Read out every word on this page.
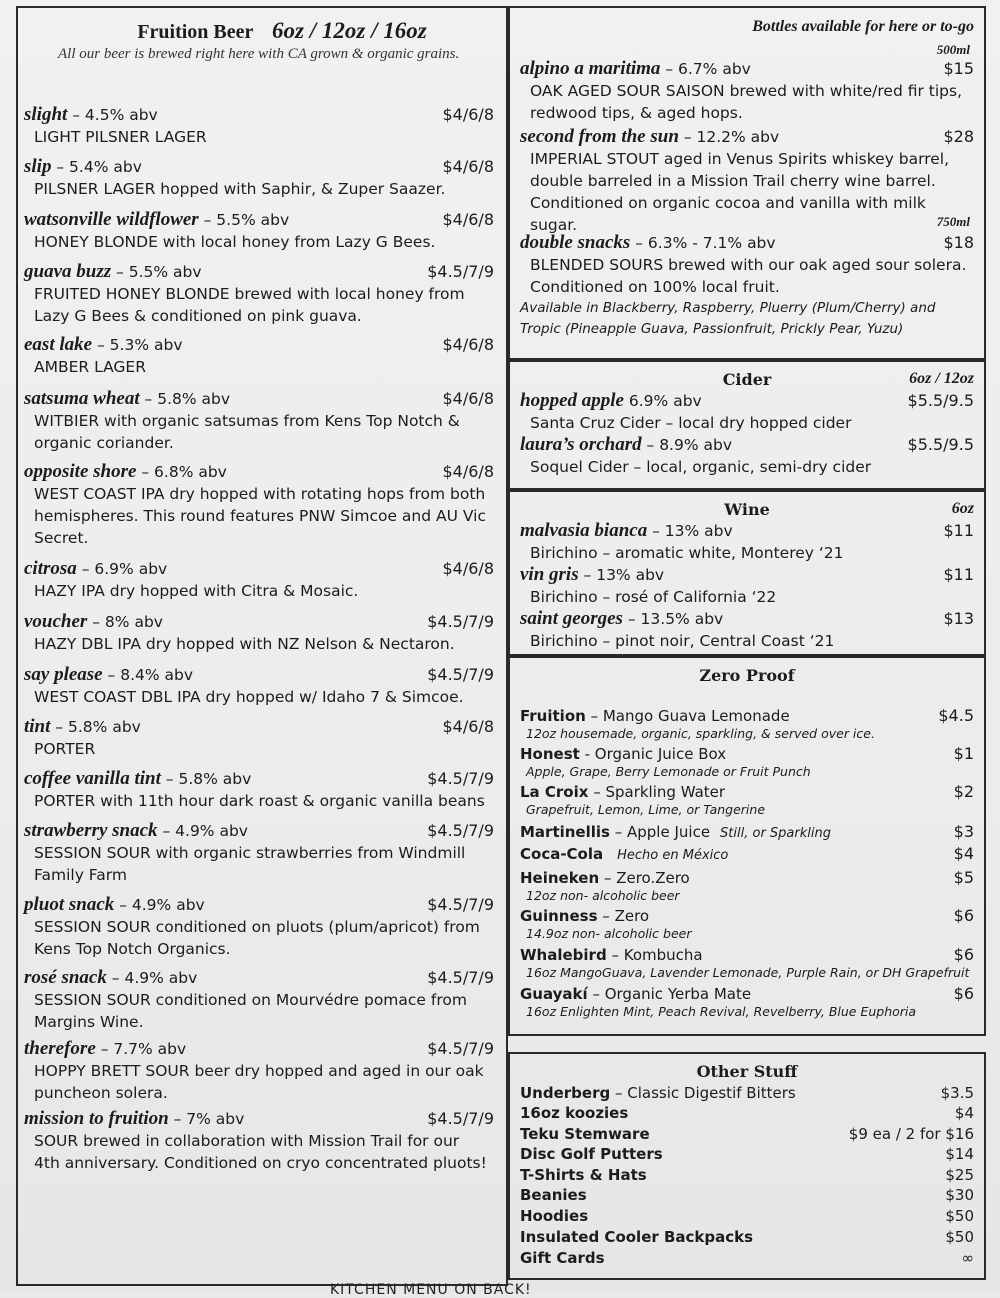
Fruition Beer 6oz / 12oz / 16oz
All our beer is brewed right here with CA grown & organic grains.
slight – 4.5% abv	$4/6/8
LIGHT PILSNER LAGER
slip – 5.4% abv	$4/6/8
PILSNER LAGER hopped with Saphir, & Zuper Saazer.
watsonville wildflower – 5.5% abv	$4/6/8
HONEY BLONDE with local honey from Lazy G Bees.
guava buzz – 5.5% abv	$4.5/7/9
FRUITED HONEY BLONDE brewed with local honey from Lazy G Bees & conditioned on pink guava.
east lake – 5.3% abv	$4/6/8
AMBER LAGER
satsuma wheat – 5.8% abv	$4/6/8
WITBIER with organic satsumas from Kens Top Notch & organic coriander.
opposite shore – 6.8% abv	$4/6/8
WEST COAST IPA dry hopped with rotating hops from both hemispheres. This round features PNW Simcoe and AU Vic Secret.
citrosa – 6.9% abv	$4/6/8
HAZY IPA dry hopped with Citra & Mosaic.
voucher – 8% abv	$4.5/7/9
HAZY DBL IPA dry hopped with NZ Nelson & Nectaron.
say please – 8.4% abv	$4.5/7/9
WEST COAST DBL IPA dry hopped w/ Idaho 7 & Simcoe.
tint – 5.8% abv	$4/6/8
PORTER
coffee vanilla tint – 5.8% abv	$4.5/7/9
PORTER with 11th hour dark roast & organic vanilla beans
strawberry snack – 4.9% abv	$4.5/7/9
SESSION SOUR with organic strawberries from Windmill Family Farm
pluot snack – 4.9% abv	$4.5/7/9
SESSION SOUR conditioned on pluots (plum/apricot) from Kens Top Notch Organics.
rosé snack – 4.9% abv	$4.5/7/9
SESSION SOUR conditioned on Mourvédre pomace from Margins Wine.
therefore – 7.7% abv	$4.5/7/9
HOPPY BRETT SOUR beer dry hopped and aged in our oak puncheon solera.
mission to fruition – 7% abv	$4.5/7/9
SOUR brewed in collaboration with Mission Trail for our 4th anniversary. Conditioned on cryo concentrated pluots!
Bottles available for here or to-go
500ml
alpino a maritima – 6.7% abv	$15
OAK AGED SOUR SAISON brewed with white/red fir tips, redwood tips, & aged hops.
second from the sun – 12.2% abv	$28
IMPERIAL STOUT aged in Venus Spirits whiskey barrel, double barreled in a Mission Trail cherry wine barrel. Conditioned on organic cocoa and vanilla with milk sugar.	750ml
double snacks – 6.3% - 7.1% abv	$18
BLENDED SOURS brewed with our oak aged sour solera. Conditioned on 100% local fruit.
Available in Blackberry, Raspberry, Pluerry (Plum/Cherry) and Tropic (Pineapple Guava, Passionfruit, Prickly Pear, Yuzu)
Cider	6oz / 12oz
hopped apple 6.9% abv	$5.5/9.5
Santa Cruz Cider – local dry hopped cider
laura’s orchard – 8.9% abv	$5.5/9.5
Soquel Cider – local, organic, semi-dry cider
Wine	6oz
malvasia bianca – 13% abv	$11
Birichino – aromatic white, Monterey ‘21
vin gris – 13% abv	$11
Birichino – rosé of California ‘22
saint georges – 13.5% abv	$13
Birichino – pinot noir, Central Coast ‘21
Zero Proof
Fruition – Mango Guava Lemonade	$4.5
12oz housemade, organic, sparkling, & served over ice.
Honest - Organic Juice Box	$1
Apple, Grape, Berry Lemonade or Fruit Punch
La Croix – Sparkling Water	$2
Grapefruit, Lemon, Lime, or Tangerine
Martinellis – Apple Juice Still, or Sparkling	$3
Coca-Cola Hecho en México	$4
Heineken – Zero.Zero	$5
12oz non- alcoholic beer
Guinness – Zero	$6
14.9oz non- alcoholic beer
Whalebird – Kombucha	$6
16oz MangoGuava, Lavender Lemonade, Purple Rain, or DH Grapefruit
Guayakí – Organic Yerba Mate	$6
16oz Enlighten Mint, Peach Revival, Revelberry, Blue Euphoria
Other Stuff
Underberg – Classic Digestif Bitters	$3.5
16oz koozies	$4
Teku Stemware	$9 ea / 2 for $16
Disc Golf Putters	$14
T-Shirts & Hats	$25
Beanies	$30
Hoodies	$50
Insulated Cooler Backpacks	$50
Gift Cards	∞
KITCHEN MENU ON BACK!
